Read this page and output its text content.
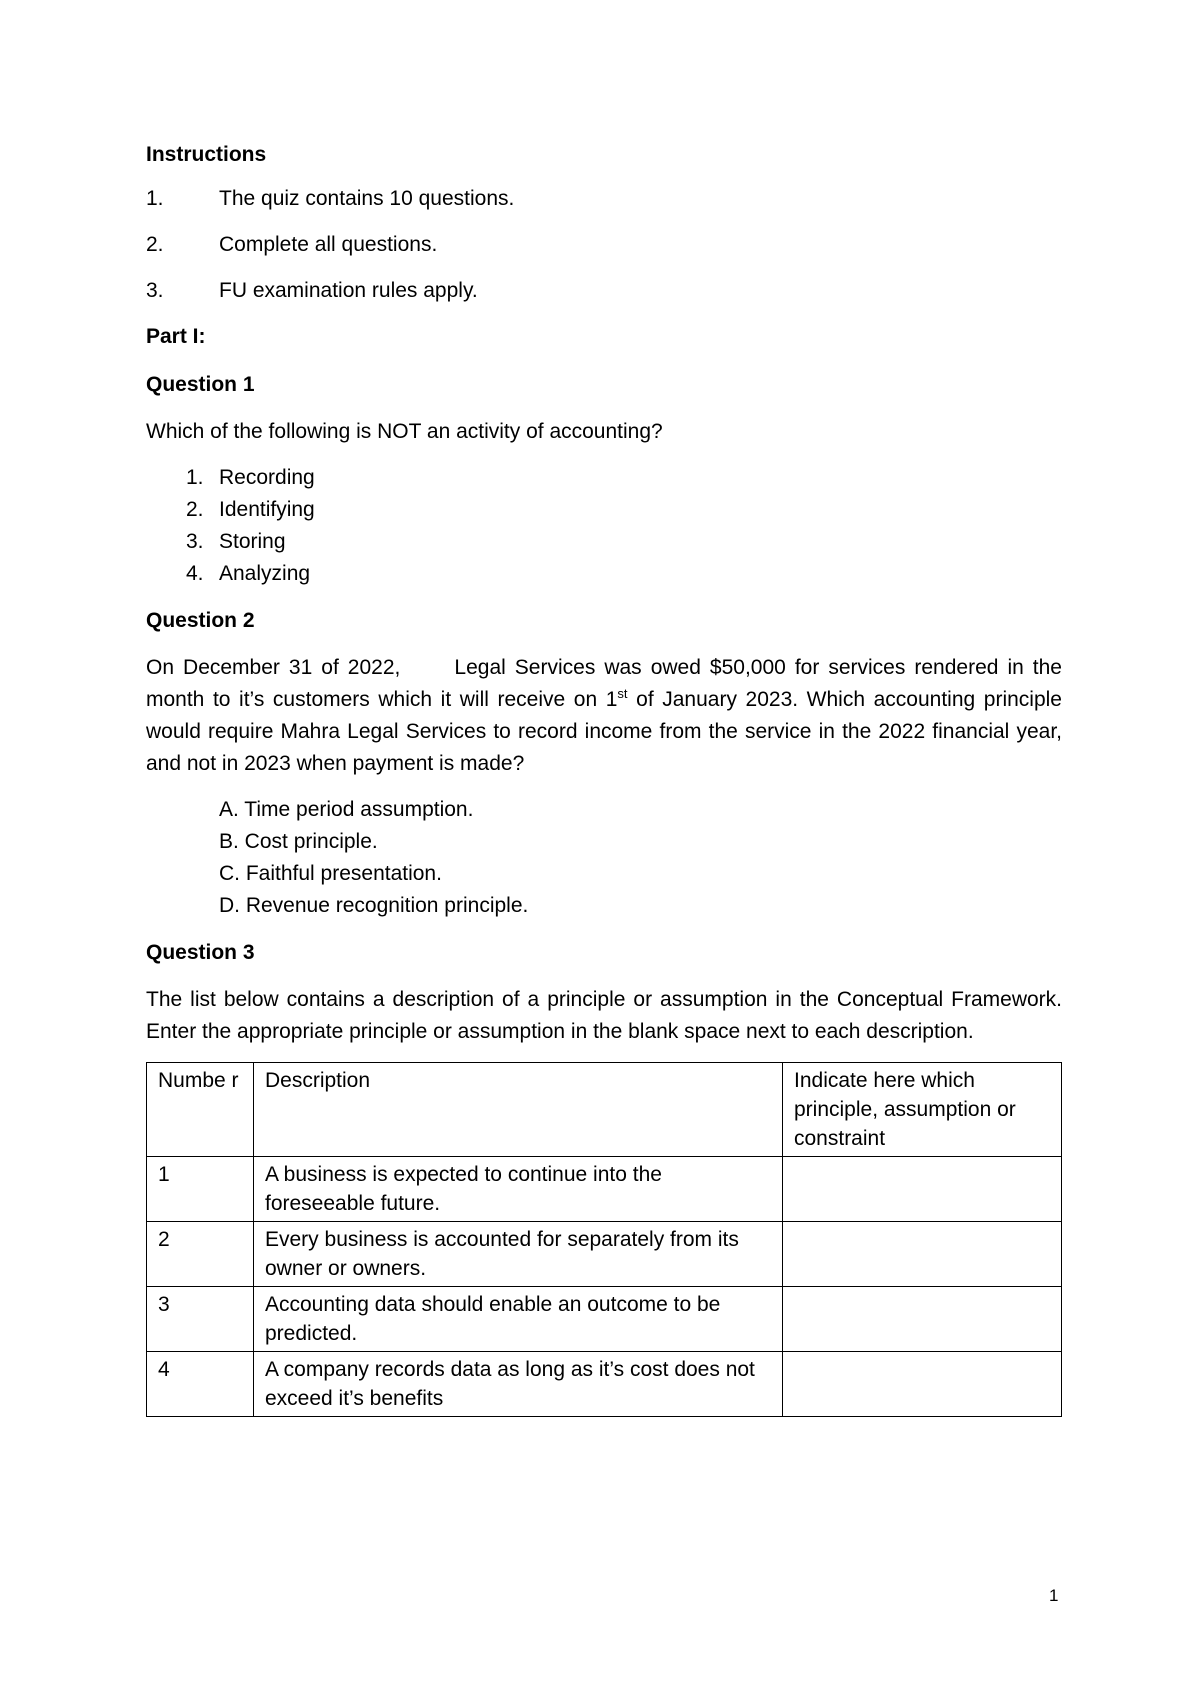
Instructions
1.	The quiz contains 10 questions.
2.	Complete all questions.
3.	FU examination rules apply.
Part I:
Question 1
Which of the following is NOT an activity of accounting?
1. Recording
2. Identifying
3. Storing
4. Analyzing
Question 2
On December 31 of 2022,      Legal Services was owed $50,000 for services rendered in the month to it’s customers which it will receive on 1st of January 2023. Which accounting principle would require Mahra Legal Services to record income from the service in the 2022 financial year, and not in 2023 when payment is made?
A. Time period assumption.
B. Cost principle.
C. Faithful presentation.
D. Revenue recognition principle.
Question 3
The list below contains a description of a principle or assumption in the Conceptual Framework. Enter the appropriate principle or assumption in the blank space next to each description.
Numbe r	Description	Indicate here which principle, assumption or constraint
1	A business is expected to continue into the foreseeable future.	
2	Every business is accounted for separately from its owner or owners.	
3	Accounting data should enable an outcome to be predicted.	
4	A company records data as long as it’s cost does not exceed it’s benefits	
1
